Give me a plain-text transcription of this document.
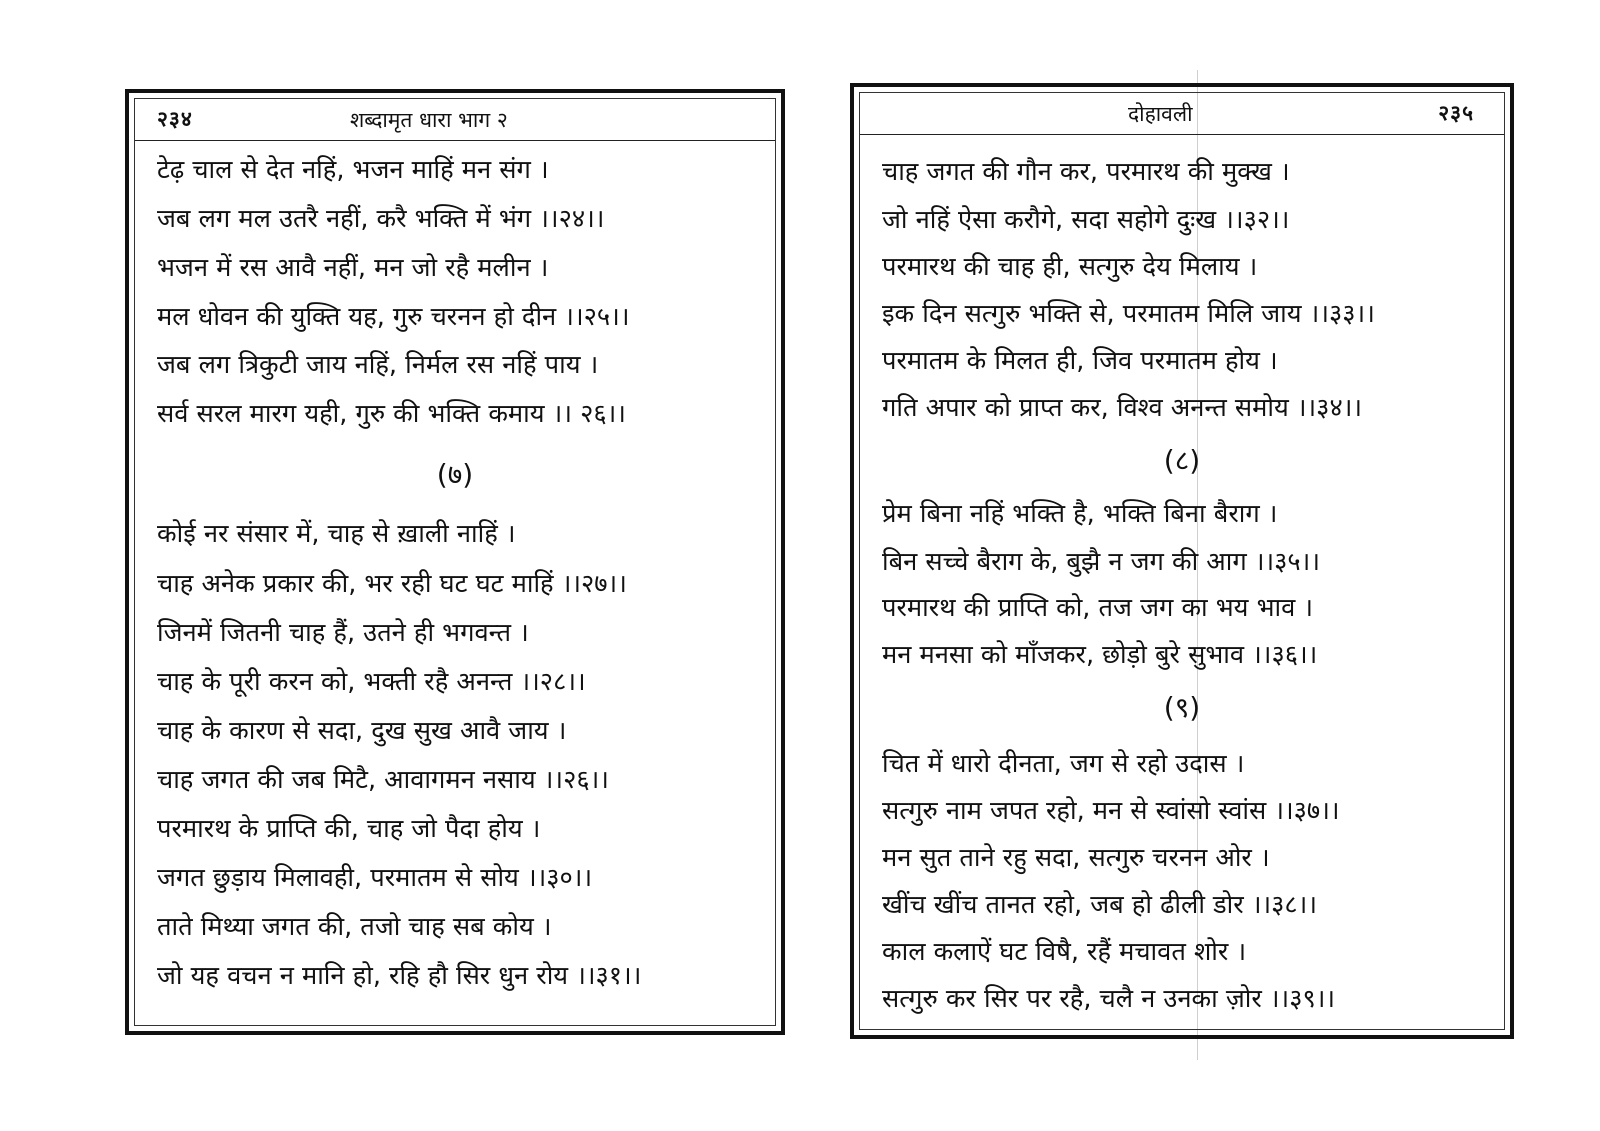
२३४	शब्दामृत धारा भाग २
टेढ़ चाल से देत नहिं, भजन माहिं मन संग ।
जब लग मल उतरै नहीं, करै भक्ति में भंग ।।२४।।
भजन में रस आवै नहीं, मन जो रहै मलीन ।
मल धोवन की युक्ति यह, गुरु चरनन हो दीन ।।२५।।
जब लग त्रिकुटी जाय नहिं, निर्मल रस नहिं पाय ।
सर्व सरल मारग यही, गुरु की भक्ति कमाय ।। २६।।
(७)
कोई नर संसार में, चाह से ख़ाली नाहिं ।
चाह अनेक प्रकार की, भर रही घट घट माहिं ।।२७।।
जिनमें जितनी चाह हैं, उतने ही भगवन्त ।
चाह के पूरी करन को, भक्ती रहै अनन्त ।।२८।।
चाह के कारण से सदा, दुख सुख आवै जाय ।
चाह जगत की जब मिटै, आवागमन नसाय ।।२६।।
परमारथ के प्राप्ति की, चाह जो पैदा होय ।
जगत छुड़ाय मिलावही, परमातम से सोय ।।३०।।
ताते मिथ्या जगत की, तजो चाह सब कोय ।
जो यह वचन न मानि हो, रहि हौ सिर धुन रोय ।।३१।।
दोहावली	२३५
चाह जगत की गौन कर, परमारथ की मुक्ख ।
जो नहिं ऐसा करौगे, सदा सहोगे दुःख ।।३२।।
परमारथ की चाह ही, सत्गुरु देय मिलाय ।
इक दिन सत्गुरु भक्ति से, परमातम मिलि जाय ।।३३।।
परमातम के मिलत ही, जिव परमातम होय ।
गति अपार को प्राप्त कर, विश्व अनन्त समोय ।।३४।।
(८)
प्रेम बिना नहिं भक्ति है, भक्ति बिना बैराग ।
बिन सच्चे बैराग के, बुझै न जग की आग ।।३५।।
परमारथ की प्राप्ति को, तज जग का भय भाव ।
मन मनसा को माँजकर, छोड़ो बुरे सुभाव ।।३६।।
(९)
चित में धारो दीनता, जग से रहो उदास ।
सत्गुरु नाम जपत रहो, मन से स्वांसो स्वांस ।।३७।।
मन सुत ताने रहु सदा, सत्गुरु चरनन ओर ।
खींच खींच तानत रहो, जब हो ढीली डोर ।।३८।।
काल कलाऐं घट विषै, रहैं मचावत शोर ।
सत्गुरु कर सिर पर रहै, चलै न उनका ज़ोर ।।३९।।
